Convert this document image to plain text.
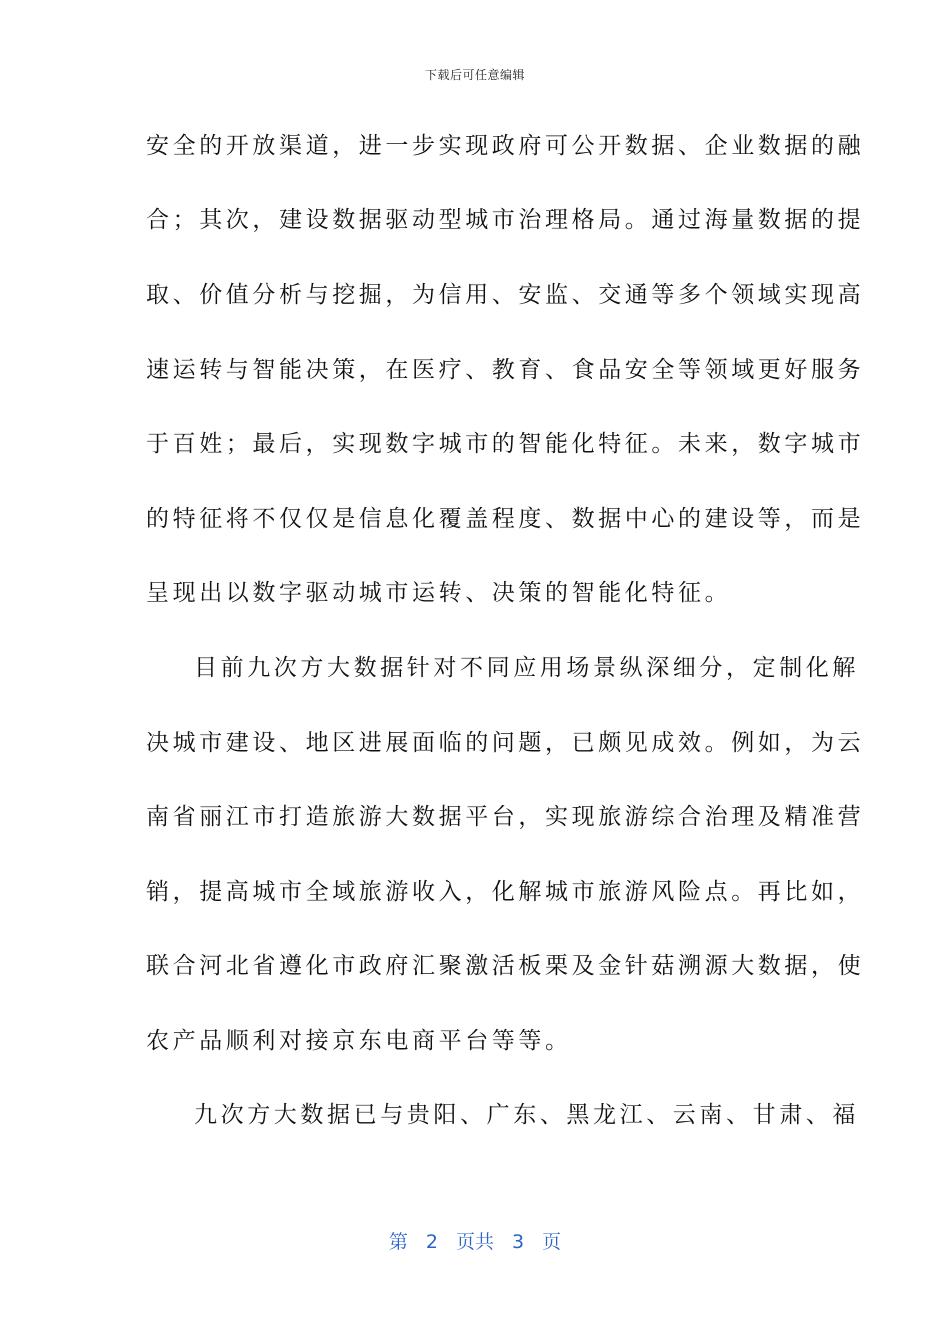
下载后可任意编辑
安全的开放渠道，进一步实现政府可公开数据、企业数据的融
合；其次，建设数据驱动型城市治理格局。通过海量数据的提
取、价值分析与挖掘，为信用、安监、交通等多个领域实现高
速运转与智能决策，在医疗、教育、食品安全等领域更好服务
于百姓；最后，实现数字城市的智能化特征。未来，数字城市
的特征将不仅仅是信息化覆盖程度、数据中心的建设等，而是
呈现出以数字驱动城市运转、决策的智能化特征。
目前九次方大数据针对不同应用场景纵深细分，定制化解
决城市建设、地区进展面临的问题，已颇见成效。例如，为云
南省丽江市打造旅游大数据平台，实现旅游综合治理及精准营
销，提高城市全域旅游收入，化解城市旅游风险点。再比如，
联合河北省遵化市政府汇聚激活板栗及金针菇溯源大数据，使
农产品顺利对接京东电商平台等等。
九次方大数据已与贵阳、广东、黑龙江、云南、甘肃、福
第 2 页共 3 页
